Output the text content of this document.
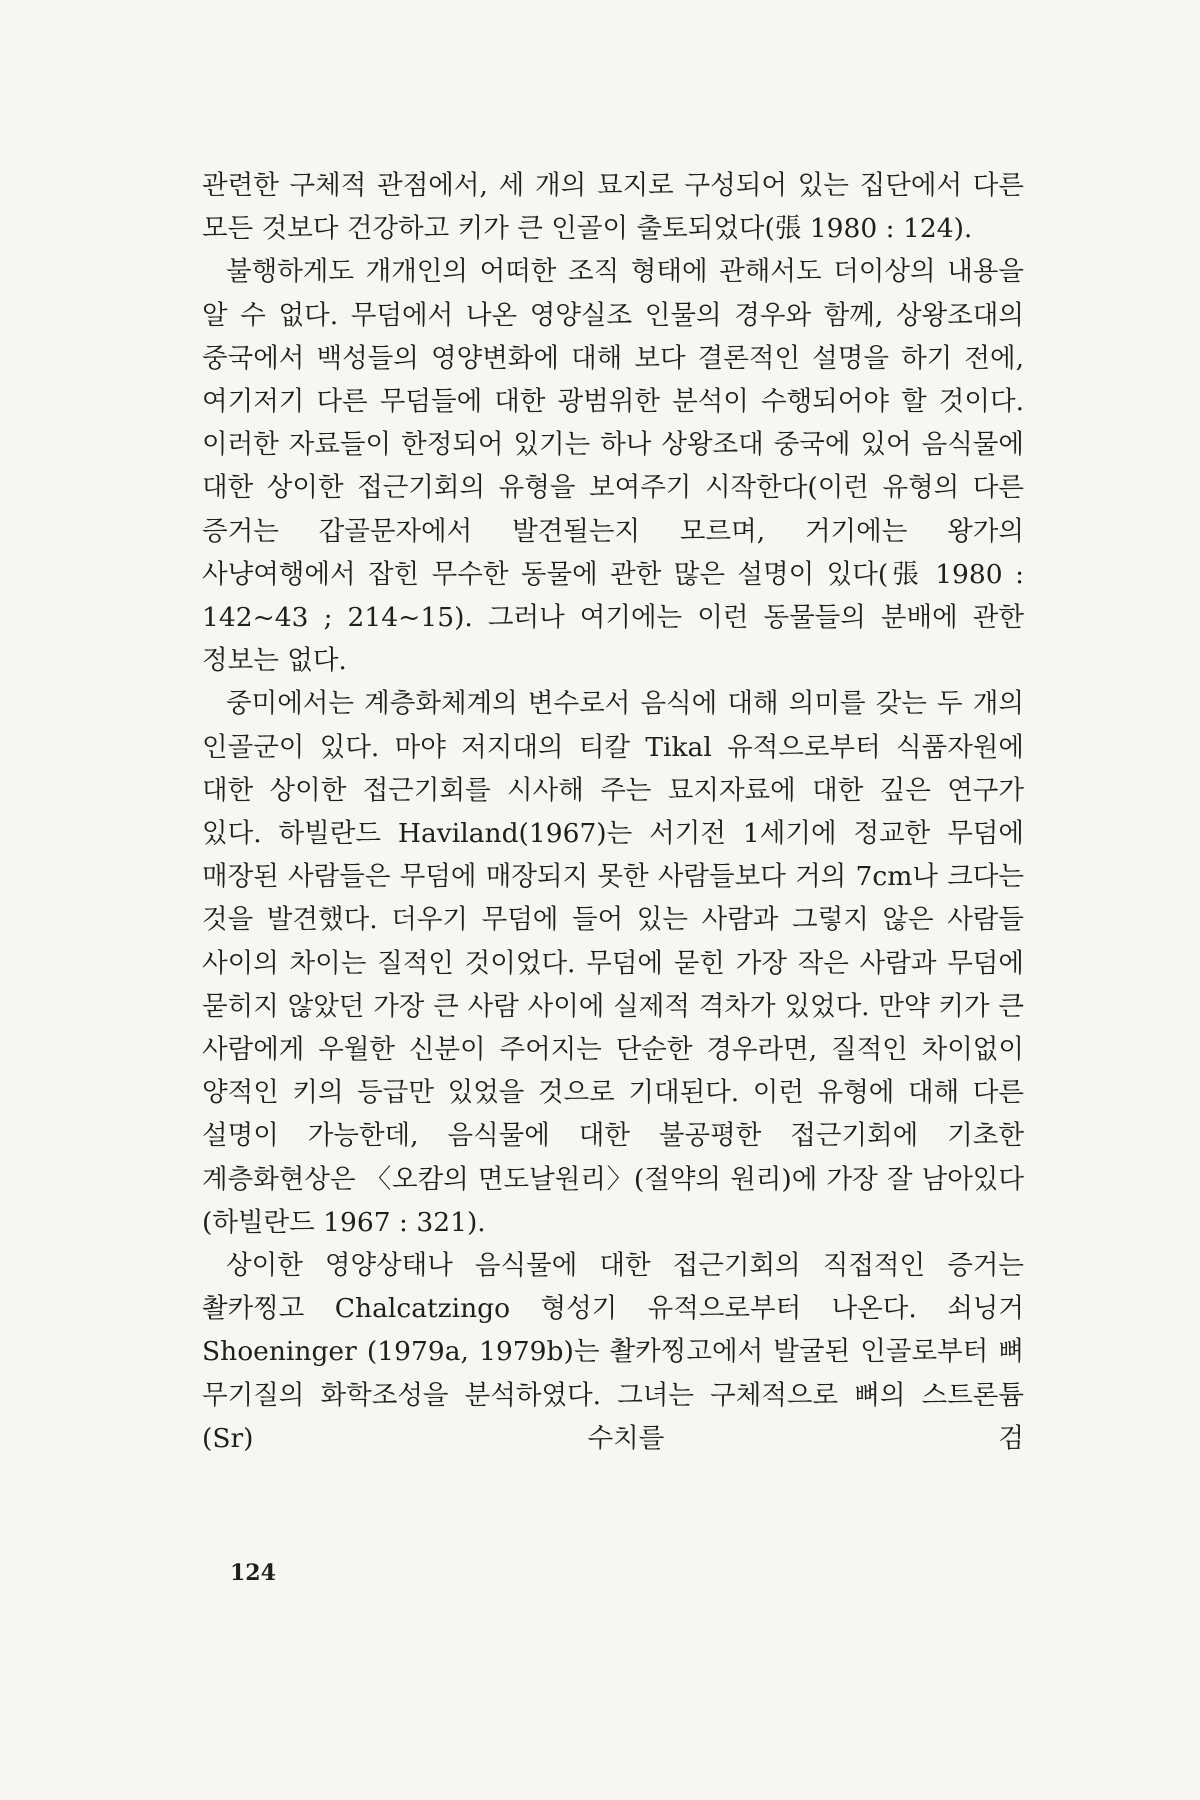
관련한 구체적 관점에서, 세 개의 묘지로 구성되어 있는 집단에서 다른 모든 것보다 건강하고 키가 큰 인골이 출토되었다(張 1980 : 124).

불행하게도 개개인의 어떠한 조직 형태에 관해서도 더이상의 내용을 알 수 없다. 무덤에서 나온 영양실조 인물의 경우와 함께, 상왕조대의 중국에서 백성들의 영양변화에 대해 보다 결론적인 설명을 하기 전에, 여기저기 다른 무덤들에 대한 광범위한 분석이 수행되어야 할 것이다. 이러한 자료들이 한정되어 있기는 하나 상왕조대 중국에 있어 음식물에 대한 상이한 접근기회의 유형을 보여주기 시작한다(이런 유형의 다른 증거는 갑골문자에서 발견될는지 모르며, 거기에는 왕가의 사냥여행에서 잡힌 무수한 동물에 관한 많은 설명이 있다(張 1980 : 142~43 ; 214~15). 그러나 여기에는 이런 동물들의 분배에 관한 정보는 없다.

중미에서는 계층화체계의 변수로서 음식에 대해 의미를 갖는 두 개의 인골군이 있다. 마야 저지대의 티칼 Tikal 유적으로부터 식품자원에 대한 상이한 접근기회를 시사해 주는 묘지자료에 대한 깊은 연구가 있다. 하빌란드 Haviland(1967)는 서기전 1세기에 정교한 무덤에 매장된 사람들은 무덤에 매장되지 못한 사람들보다 거의 7cm나 크다는 것을 발견했다. 더우기 무덤에 들어 있는 사람과 그렇지 않은 사람들 사이의 차이는 질적인 것이었다. 무덤에 묻힌 가장 작은 사람과 무덤에 묻히지 않았던 가장 큰 사람 사이에 실제적 격차가 있었다. 만약 키가 큰 사람에게 우월한 신분이 주어지는 단순한 경우라면, 질적인 차이없이 양적인 키의 등급만 있었을 것으로 기대된다. 이런 유형에 대해 다른 설명이 가능한데, 음식물에 대한 불공평한 접근기회에 기초한 계층화현상은 〈오캄의 면도날원리〉(절약의 원리)에 가장 잘 남아있다(하빌란드 1967 : 321).

상이한 영양상태나 음식물에 대한 접근기회의 직접적인 증거는 촬카찡고 Chalcatzingo 형성기 유적으로부터 나온다. 쇠닝거 Shoeninger (1979a, 1979b)는 촬카찡고에서 발굴된 인골로부터 뼈 무기질의 화학조성을 분석하였다. 그녀는 구체적으로 뼈의 스트론튬(Sr) 수치를 검

124
